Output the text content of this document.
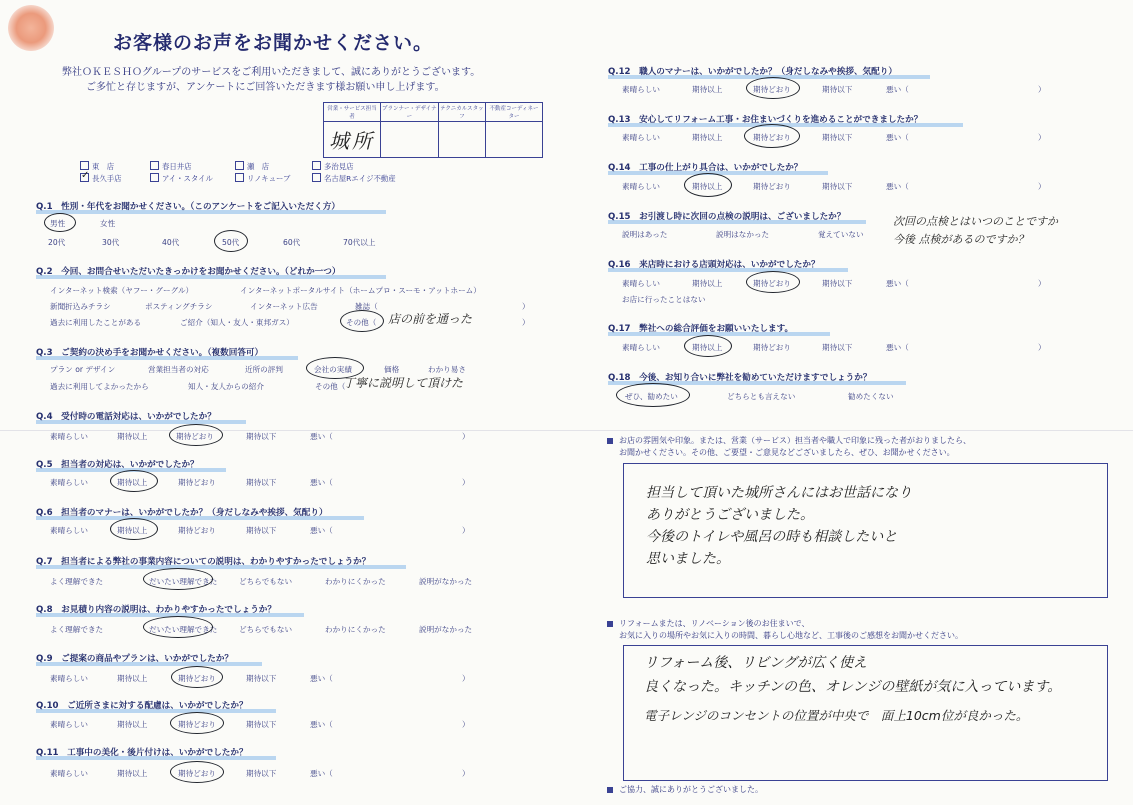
お客様のお声をお聞かせください。
弊社ＯＫＥＳＨＯグループのサービスをご利用いただきまして、誠にありがとうございます。
ご多忙と存じますが、アンケートにご回答いただきます様お願い申し上げます。
営業・サービス担当者	プランナー・デザイナー	テクニカルスタッフ	不動産コーディネーター
城所			
東　店	春日井店	瀬　店	多治見店
✓ 長久手店	アイ・スタイル	リノキューブ	名古屋Rエイジ不動産
Q.1　性別・年代をお聞かせください。（このアンケートをご記入いただく方）
男性	女性
20代	30代	40代	50代	60代	70代以上
Q.2　今回、お問合せいただいたきっかけをお聞かせください。（どれか一つ）
インターネット検索（ヤフー・グーグル）	インターネットポータルサイト（ホームプロ・スーモ・アットホーム）
新聞折込みチラシ	ポスティングチラシ	インターネット広告	雑誌（	）
過去に利用したことがある	ご紹介（知人・友人・東邦ガス）	その他（ 店の前を通った	）
Q.3　ご契約の決め手をお聞かせください。（複数回答可）
プラン or デザイン	営業担当者の対応	近所の評判	会社の実績	価格	わかり易さ
過去に利用してよかったから	知人・友人からの紹介	その他（
丁寧に説明して頂けた
Q.4　受付時の電話対応は、いかがでしたか？
素晴らしい	期待以上	期待どおり	期待以下	悪い（	）
Q.5　担当者の対応は、いかがでしたか？
素晴らしい	期待以上	期待どおり	期待以下	悪い（	）
Q.6　担当者のマナーは、いかがでしたか？（身だしなみや挨拶、気配り）
素晴らしい	期待以上	期待どおり	期待以下	悪い（	）
Q.7　担当者による弊社の事業内容についての説明は、わかりやすかったでしょうか？
よく理解できた	だいたい理解できた	どちらでもない	わかりにくかった	説明がなかった
Q.8　お見積り内容の説明は、わかりやすかったでしょうか？
よく理解できた	だいたい理解できた	どちらでもない	わかりにくかった	説明がなかった
Q.9　ご提案の商品やプランは、いかがでしたか？
素晴らしい	期待以上	期待どおり	期待以下	悪い（	）
Q.10　ご近所さまに対する配慮は、いかがでしたか？
素晴らしい	期待以上	期待どおり	期待以下	悪い（	）
Q.11　工事中の美化・後片付けは、いかがでしたか？
素晴らしい	期待以上	期待どおり	期待以下	悪い（	）
Q.12　職人のマナーは、いかがでしたか？（身だしなみや挨拶、気配り）
素晴らしい	期待以上	期待どおり	期待以下	悪い（	）
Q.13　安心してリフォーム工事・お住まいづくりを進めることができましたか？
素晴らしい	期待以上	期待どおり	期待以下	悪い（	）
Q.14　工事の仕上がり具合は、いかがでしたか？
素晴らしい	期待以上	期待どおり	期待以下	悪い（	）
Q.15　お引渡し時に次回の点検の説明は、ございましたか？
説明はあった	説明はなかった	覚えていない
次回の点検とはいつのことですか
今後 点検があるのですか？
Q.16　来店時における店頭対応は、いかがでしたか？
素晴らしい	期待以上	期待どおり	期待以下	悪い（	）
お店に行ったことはない
Q.17　弊社への総合評価をお願いいたします。
素晴らしい	期待以上	期待どおり	期待以下	悪い（	）
Q.18　今後、お知り合いに弊社を勧めていただけますでしょうか？
ぜひ、勧めたい	どちらとも言えない	勧めたくない
お店の雰囲気や印象。または、営業（サービス）担当者や職人で印象に残った者がおりましたら、
お聞かせください。その他、ご要望・ご意見などございましたら、ぜひ、お聞かせください。
担当して頂いた城所さんにはお世話になり
ありがとうございました。
今後のトイレや風呂の時も相談したいと
思いました。
リフォームまたは、リノベーション後のお住まいで、
お気に入りの場所やお気に入りの時間、暮らし心地など、工事後のご感想をお聞かせください。
リフォーム後、リビングが広く使え
良くなった。キッチンの色、オレンジの壁紙が気に入っています。
電子レンジのコンセントの位置が中央で　面上10cm位が良かった。
ご協力、誠にありがとうございました。
